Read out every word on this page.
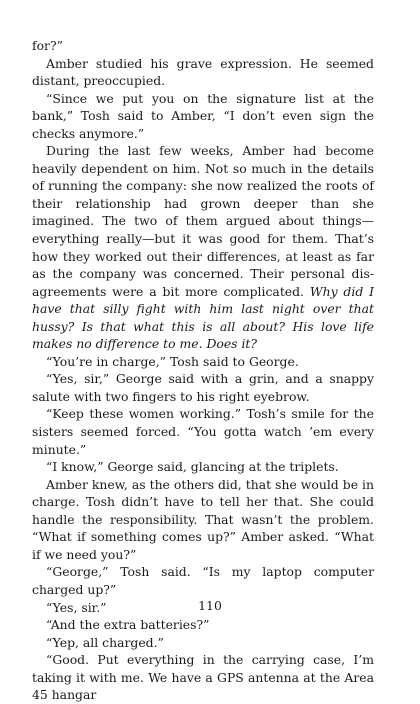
for?”

Amber studied his grave expression. He seemed distant, preoccupied.

“Since we put you on the signature list at the bank,” Tosh said to Amber, “I don’t even sign the checks anymore.”

During the last few weeks, Amber had become heavily dependent on him. Not so much in the details of running the company: she now realized the roots of their relationship had grown deeper than she imagined. The two of them argued about things—everything really—but it was good for them. That’s how they worked out their differences, at least as far as the company was concerned. Their personal disagreements were a bit more complicated. Why did I have that silly fight with him last night over that hussy? Is that what this is all about? His love life makes no difference to me. Does it?

“You’re in charge,” Tosh said to George.

“Yes, sir,” George said with a grin, and a snappy salute with two fingers to his right eyebrow.

“Keep these women working.” Tosh’s smile for the sisters seemed forced. “You gotta watch ’em every minute.”

“I know,” George said, glancing at the triplets.

Amber knew, as the others did, that she would be in charge. Tosh didn’t have to tell her that. She could handle the responsibility. That wasn’t the problem. “What if something comes up?” Amber asked. “What if we need you?”

“George,” Tosh said. “Is my laptop computer charged up?”

“Yes, sir.”

“And the extra batteries?”

“Yep, all charged.”

“Good. Put everything in the carrying case, I’m taking it with me. We have a GPS antenna at the Area 45 hangar

110
